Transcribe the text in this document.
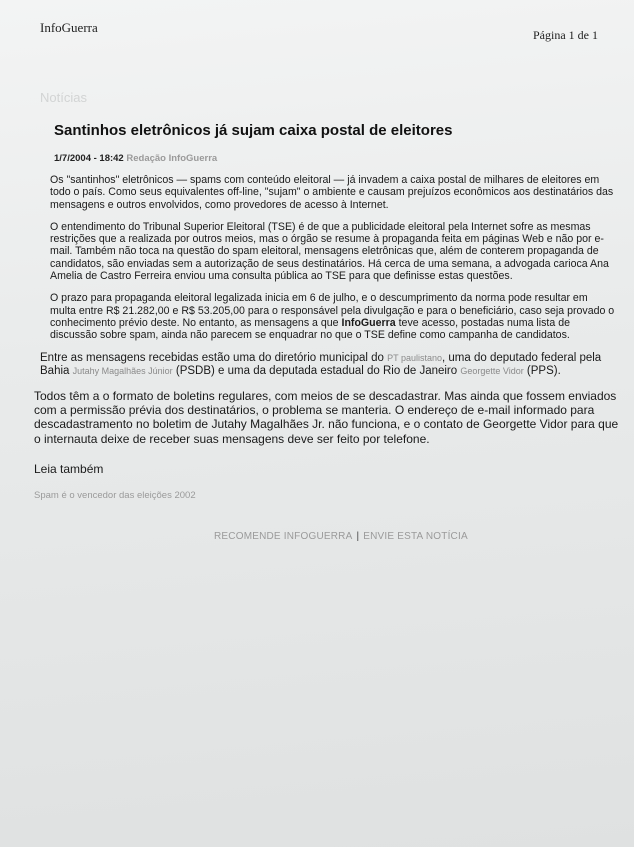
InfoGuerra	Página 1 de 1
Notícias
Santinhos eletrônicos já sujam caixa postal de eleitores
1/7/2004 - 18:42 Redação InfoGuerra
Os "santinhos" eletrônicos — spams com conteúdo eleitoral — já invadem a caixa postal de milhares de eleitores em todo o país. Como seus equivalentes off-line, "sujam" o ambiente e causam prejuízos econômicos aos destinatários das mensagens e outros envolvidos, como provedores de acesso à Internet.
O entendimento do Tribunal Superior Eleitoral (TSE) é de que a publicidade eleitoral pela Internet sofre as mesmas restrições que a realizada por outros meios, mas o órgão se resume à propaganda feita em páginas Web e não por e-mail. Também não toca na questão do spam eleitoral, mensagens eletrônicas que, além de conterem propaganda de candidatos, são enviadas sem a autorização de seus destinatários. Há cerca de uma semana, a advogada carioca Ana Amelia de Castro Ferreira enviou uma consulta pública ao TSE para que definisse estas questões.
O prazo para propaganda eleitoral legalizada inicia em 6 de julho, e o descumprimento da norma pode resultar em multa entre R$ 21.282,00 e R$ 53.205,00 para o responsável pela divulgação e para o beneficiário, caso seja provado o conhecimento prévio deste. No entanto, as mensagens a que InfoGuerra teve acesso, postadas numa lista de discussão sobre spam, ainda não parecem se enquadrar no que o TSE define como campanha de candidatos.
Entre as mensagens recebidas estão uma do diretório municipal do PT paulistano, uma do deputado federal pela Bahia Jutahy Magalhães Júnior (PSDB) e uma da deputada estadual do Rio de Janeiro Georgette Vidor (PPS).
Todos têm a o formato de boletins regulares, com meios de se descadastrar. Mas ainda que fossem enviados com a permissão prévia dos destinatários, o problema se manteria. O endereço de e-mail informado para descadastramento no boletim de Jutahy Magalhães Jr. não funciona, e o contato de Georgette Vidor para que o internauta deixe de receber suas mensagens deve ser feito por telefone.
Leia também
Spam é o vencedor das eleições 2002
RECOMENDE INFOGUERRA | ENVIE ESTA NOTÍCIA
